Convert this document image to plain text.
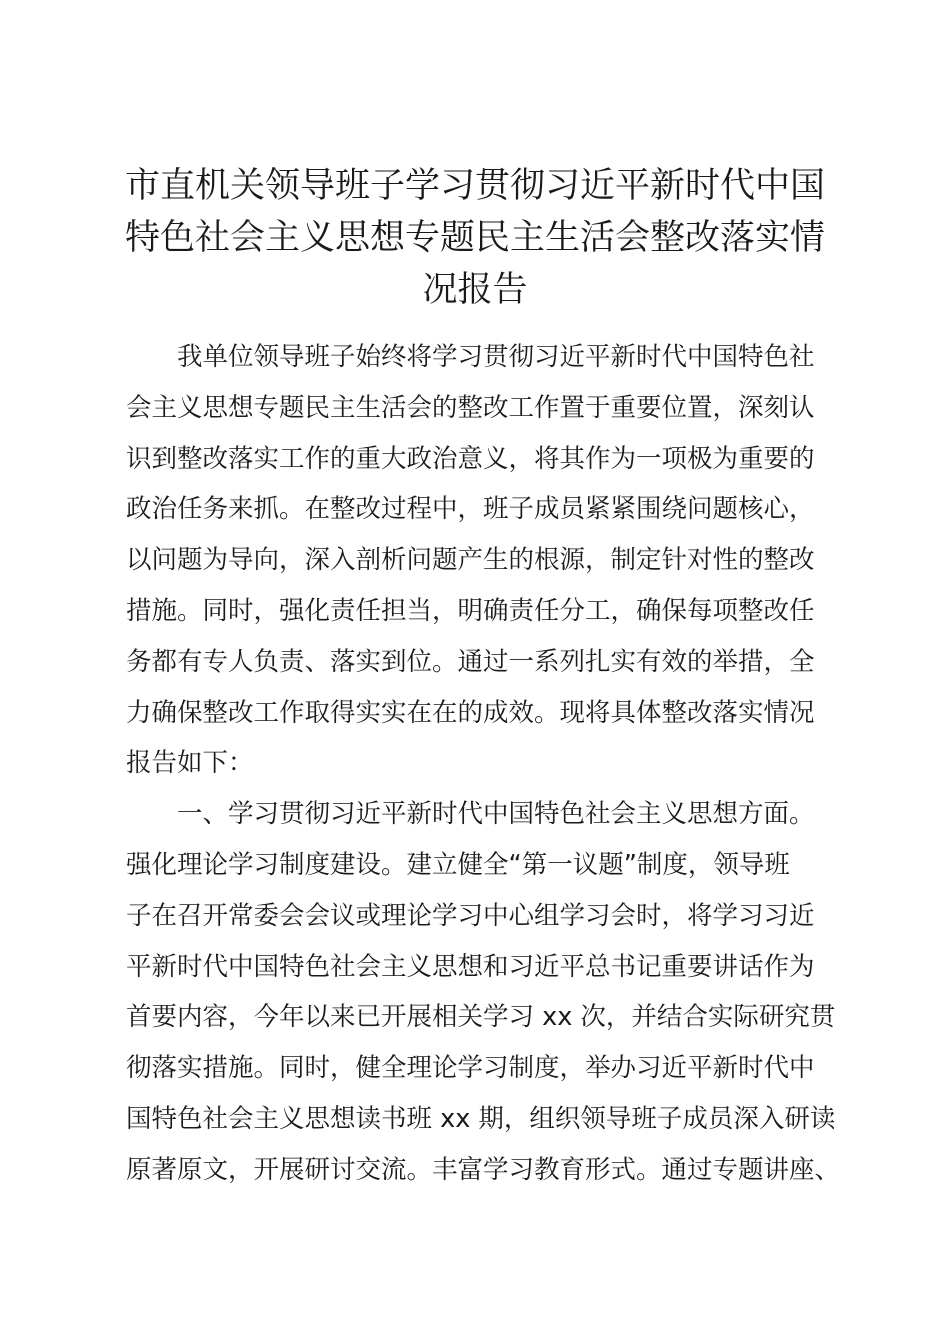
市直机关领导班子学习贯彻习近平新时代中国
特色社会主义思想专题民主生活会整改落实情
况报告

我单位领导班子始终将学习贯彻习近平新时代中国特色社
会主义思想专题民主生活会的整改工作置于重要位置，深刻认
识到整改落实工作的重大政治意义，将其作为一项极为重要的
政治任务来抓。在整改过程中，班子成员紧紧围绕问题核心，
以问题为导向，深入剖析问题产生的根源，制定针对性的整改
措施。同时，强化责任担当，明确责任分工，确保每项整改任
务都有专人负责、落实到位。通过一系列扎实有效的举措，全
力确保整改工作取得实实在在的成效。现将具体整改落实情况
报告如下：

一、学习贯彻习近平新时代中国特色社会主义思想方面。
强化理论学习制度建设。建立健全“第一议题”制度，领导班
子在召开常委会会议或理论学习中心组学习会时，将学习习近
平新时代中国特色社会主义思想和习近平总书记重要讲话作为
首要内容，今年以来已开展相关学习 xx 次，并结合实际研究贯
彻落实措施。同时，健全理论学习制度，举办习近平新时代中
国特色社会主义思想读书班 xx 期，组织领导班子成员深入研读
原著原文，开展研讨交流。丰富学习教育形式。通过专题讲座、
